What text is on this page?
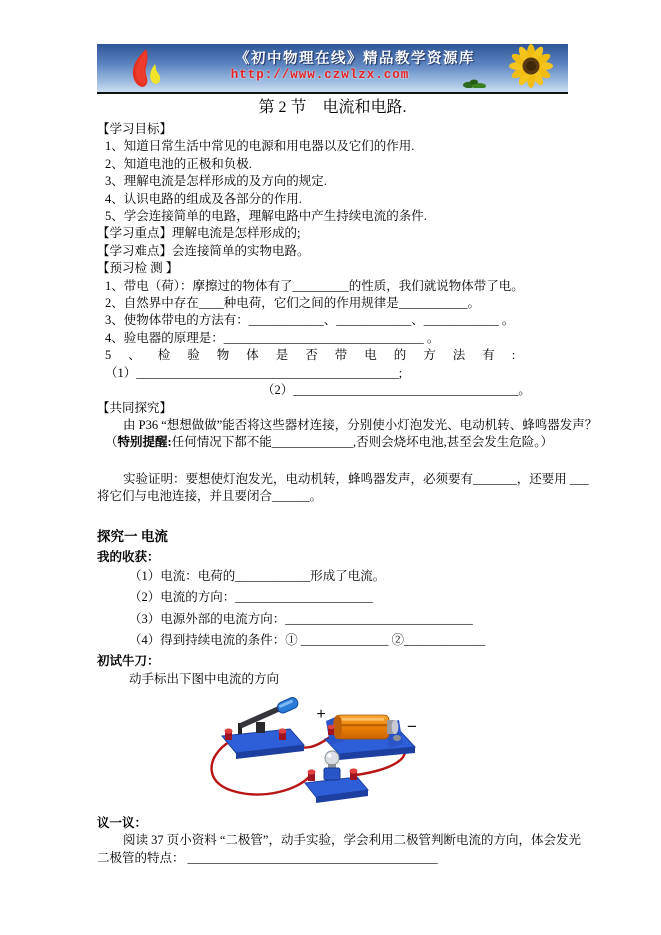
《初中物理在线》精品教学资源库
http://www.czwlzx.com
第 2 节　电流和电路.
【学习目标】
1、知道日常生活中常见的电源和用电器以及它们的作用.
2、知道电池的正极和负极.
3、理解电流是怎样形成的及方向的规定.
4、认识电路的组成及各部分的作用.
5、学会连接简单的电路，理解电路中产生持续电流的条件.
【学习重点】理解电流是怎样形成的;
【学习难点】会连接简单的实物电路。
【预习检 测 】
1、带电（荷）：摩擦过的物体有了_________的性质，我们就说物体带了电。
2、自然界中存在____种电荷，它们之间的作用规律是___________。
3、使物体带电的方法有：____________、____________、____________ 。
4、验电器的原理是：________________________________ 。
5、检验物体是否带电的方法有:
（1）__________________________________________;
（2）____________________________________。
【共同探究】
由 P36 “想想做做”能否将这些器材连接，分别使小灯泡发光、电动机转、蜂鸣器发声？
（特别提醒:任何情况下都不能_____________,否则会烧坏电池,甚至会发生危险。）
实验证明：要想使灯泡发光，电动机转，蜂鸣器发声，必须要有_______，还要用 ___
将它们与电池连接，并且要闭合______。
探究一 电流
我的收获：
（1）电流：电荷的____________形成了电流。
（2）电流的方向：______________________
（3）电源外部的电流方向：______________________________
（4）得到持续电流的条件：① ______________ ②_____________
初试牛刀：
动手标出下图中电流的方向
+
−
议一议：
阅读 37 页小资料 “二极管”，动手实验，学会利用二极管判断电流的方向，体会发光
二极管的特点： ________________________________________
